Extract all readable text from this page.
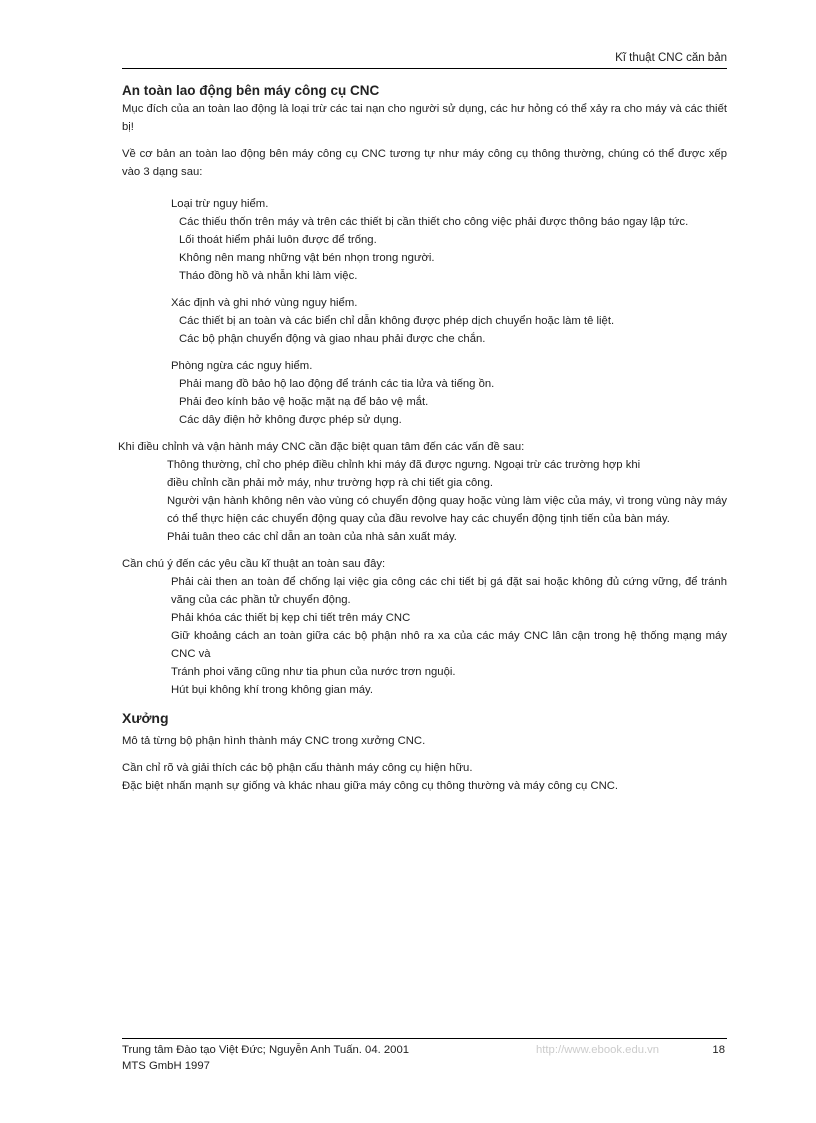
Kĩ thuật CNC căn bản

An toàn lao động bên máy công cụ CNC

Mục đích của an toàn lao động là loại trừ các tai nạn cho người sử dụng, các hư hỏng có thể xảy ra cho máy và các thiết bị!

Về cơ bản an toàn lao động bên máy công cụ CNC tương tự như máy công cụ thông thường, chúng có thể được xếp vào 3 dạng sau:

Loại trừ nguy hiểm.

Các thiếu thốn trên máy và trên các thiết bị cần thiết cho công việc phải được thông báo ngay lập tức.

Lối thoát hiểm phải luôn được để trống.

Không nên mang những vật bén nhọn trong người.

Tháo đồng hồ và nhẫn khi làm việc.

Xác định và ghi nhớ vùng nguy hiểm.

Các thiết bị an toàn và các biển chỉ dẫn không được phép dịch chuyển hoặc làm tê liệt.

Các bộ phận chuyển động và giao nhau phải được che chắn.

Phòng ngừa các nguy hiểm.

Phải mang đồ bảo hộ lao động để tránh các tia lửa và tiếng ồn.

Phải đeo kính bảo vệ hoặc mặt nạ để bảo vệ mắt.

Các dây điện hở không được phép sử dụng.

Khi điều chỉnh và vận hành máy CNC cần đặc biệt quan tâm đến các vấn đề sau:

Thông thường, chỉ cho phép điều chỉnh khi máy đã được ngưng. Ngoại trừ các trường hợp khi

điều chỉnh cần phải mở máy, như trường hợp rà chi tiết gia công.

Người vận hành không nên vào vùng có chuyển động quay hoặc vùng làm việc của máy, vì trong vùng này máy có thể thực hiện các chuyển động quay của đầu revolve hay các chuyển động tịnh tiến của bàn máy.

Phải tuân theo các chỉ dẫn an toàn của nhà sản xuất máy.

Cần chú ý đến các yêu cầu kĩ thuật an toàn sau đây:

Phải cài then an toàn để chống lại việc gia công các chi tiết bị gá đặt sai hoặc không đủ cứng vững, để tránh văng của các phần tử chuyển động.

Phải khóa các thiết bị kẹp chi tiết trên máy CNC

Giữ khoảng cách an toàn giữa các bộ phận nhô ra xa của các máy CNC lân cận trong hệ thống mạng máy CNC và

Tránh phoi văng cũng như tia phun của nước trơn nguội.

Hút bụi không khí trong không gian máy.

Xưởng

Mô tả từng bộ phận hình thành máy CNC trong xưởng CNC.

Cần chỉ rõ và giải thích các bộ phận cấu thành máy công cụ hiện hữu.

Đặc biệt nhấn mạnh sự giống và khác nhau giữa máy công cụ thông thường và máy công cụ CNC.

Trung tâm Đào tạo Việt Đức; Nguyễn Anh Tuấn. 04. 2001
MTS GmbH 1997
http://www.ebook.edu.vn	18
